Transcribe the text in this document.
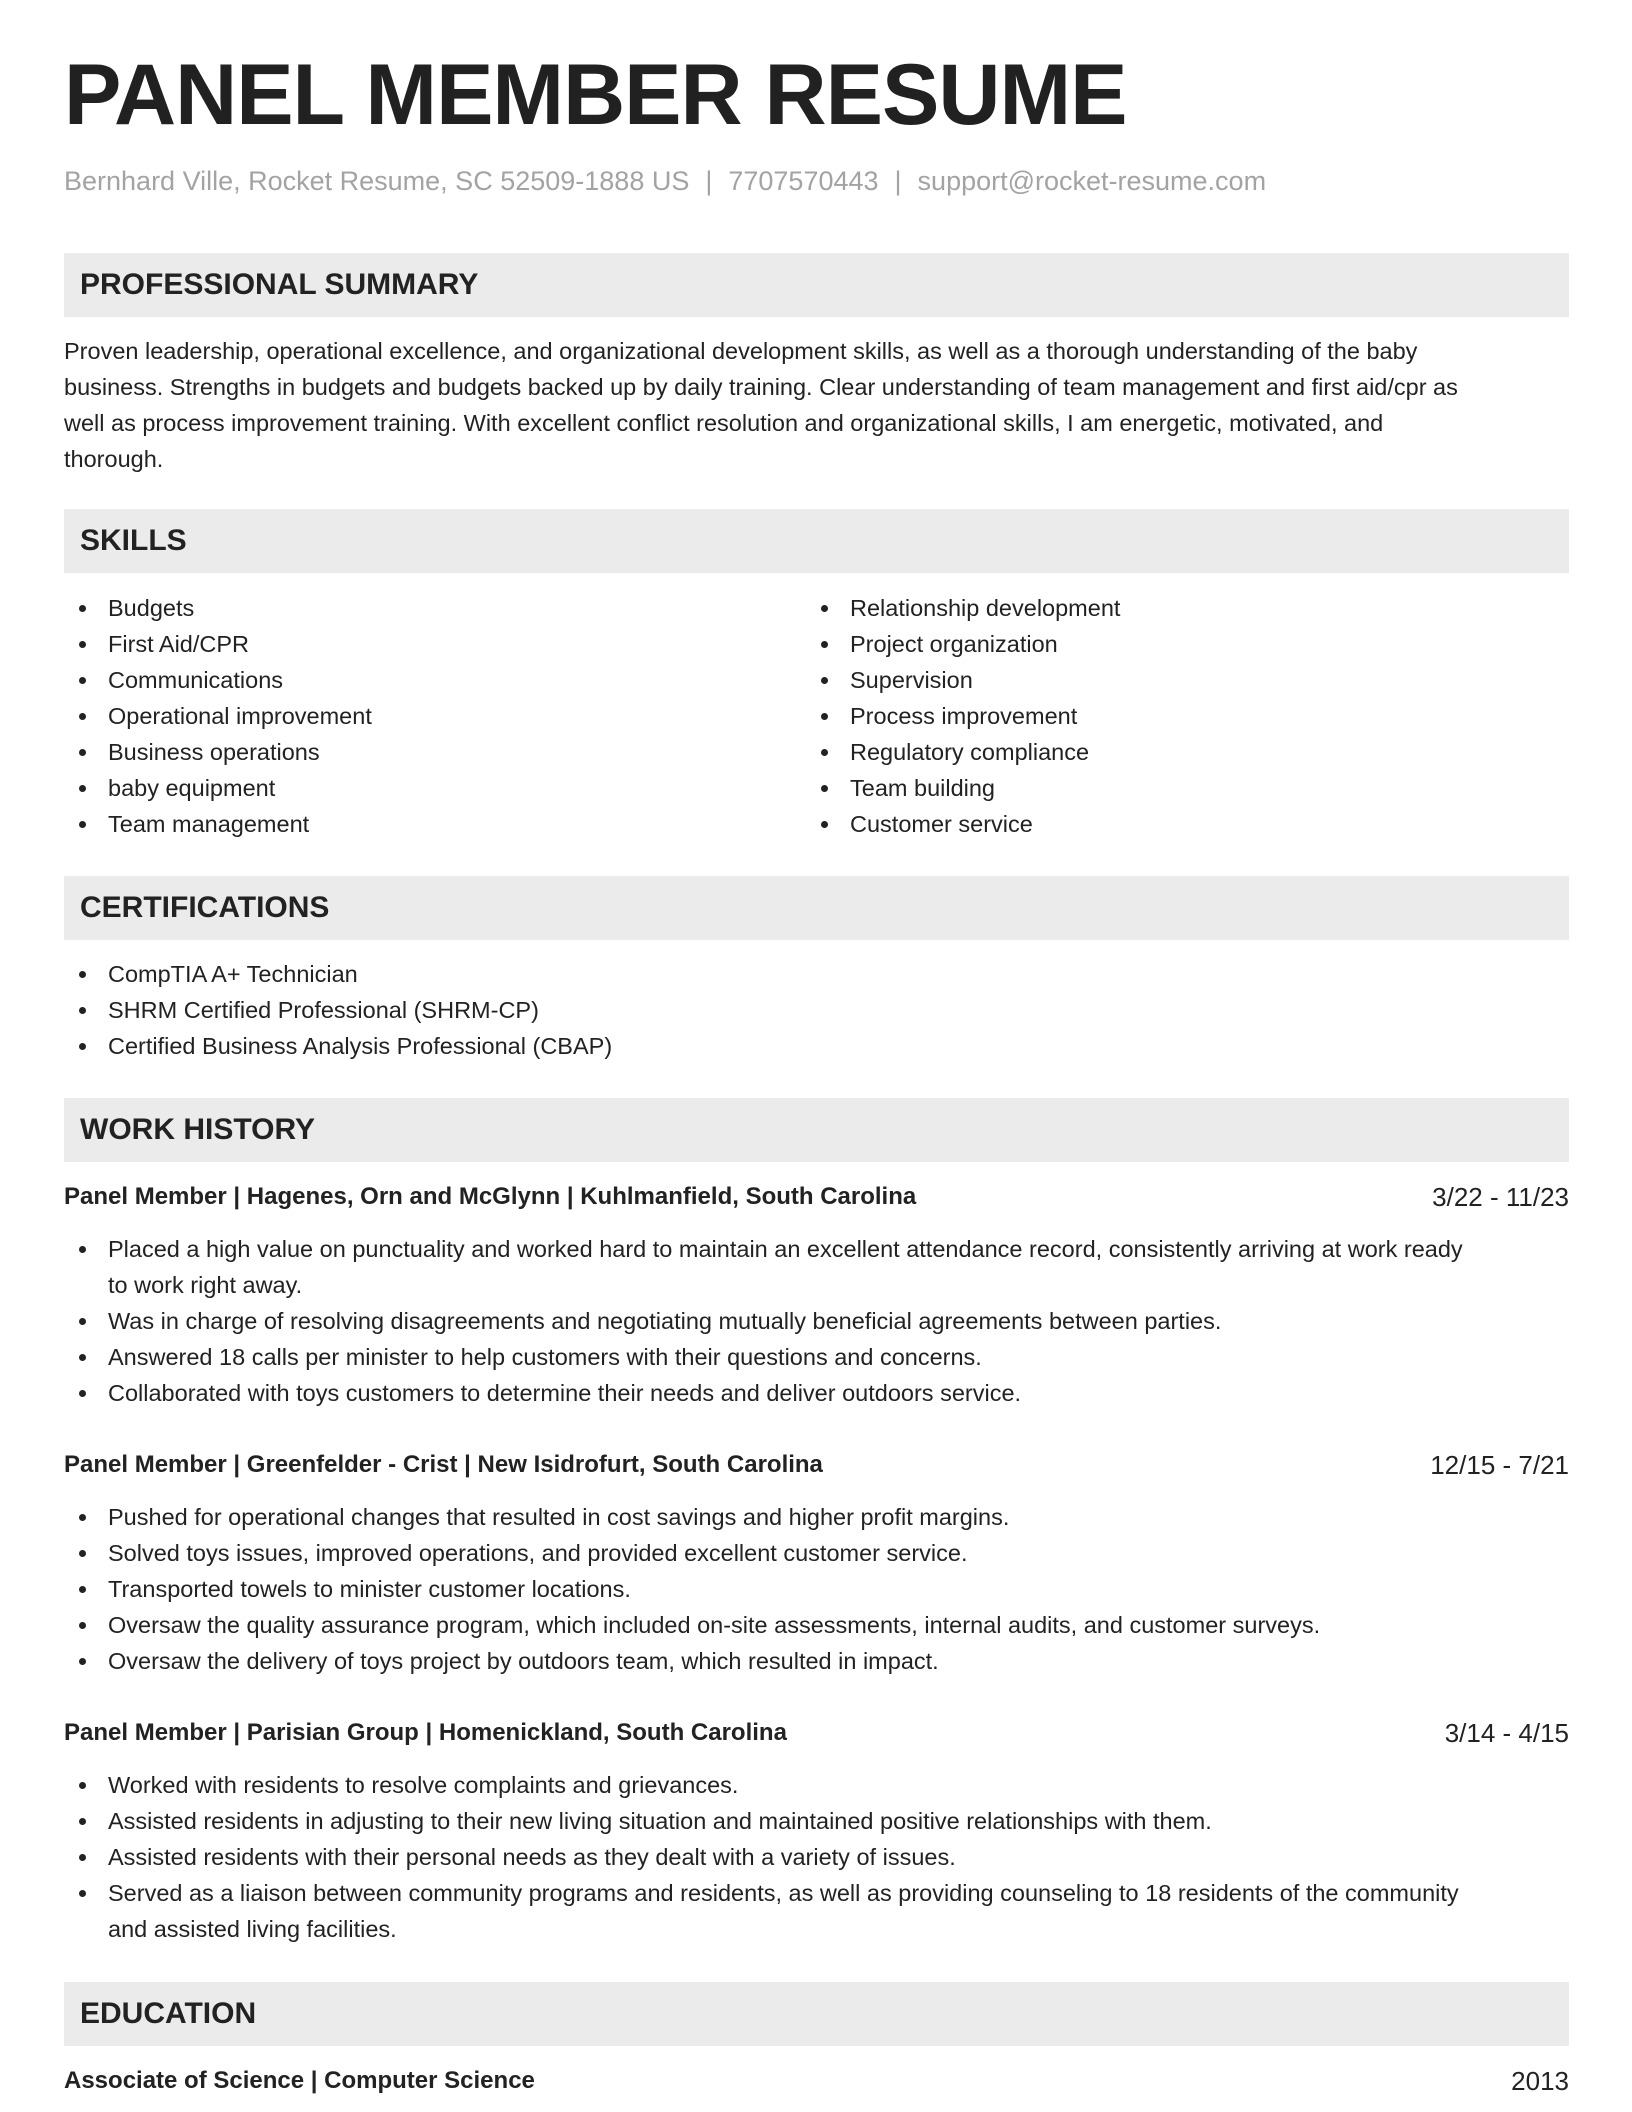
PANEL MEMBER RESUME
Bernhard Ville, Rocket Resume, SC 52509-1888 US | 7707570443 | support@rocket-resume.com
PROFESSIONAL SUMMARY
Proven leadership, operational excellence, and organizational development skills, as well as a thorough understanding of the baby
business. Strengths in budgets and budgets backed up by daily training. Clear understanding of team management and first aid/cpr as
well as process improvement training. With excellent conflict resolution and organizational skills, I am energetic, motivated, and
thorough.
SKILLS
Budgets
First Aid/CPR
Communications
Operational improvement
Business operations
baby equipment
Team management
Relationship development
Project organization
Supervision
Process improvement
Regulatory compliance
Team building
Customer service
CERTIFICATIONS
CompTIA A+ Technician
SHRM Certified Professional (SHRM-CP)
Certified Business Analysis Professional (CBAP)
WORK HISTORY
Panel Member | Hagenes, Orn and McGlynn | Kuhlmanfield, South Carolina	3/22 - 11/23
Placed a high value on punctuality and worked hard to maintain an excellent attendance record, consistently arriving at work ready
to work right away.
Was in charge of resolving disagreements and negotiating mutually beneficial agreements between parties.
Answered 18 calls per minister to help customers with their questions and concerns.
Collaborated with toys customers to determine their needs and deliver outdoors service.
Panel Member | Greenfelder - Crist | New Isidrofurt, South Carolina	12/15 - 7/21
Pushed for operational changes that resulted in cost savings and higher profit margins.
Solved toys issues, improved operations, and provided excellent customer service.
Transported towels to minister customer locations.
Oversaw the quality assurance program, which included on-site assessments, internal audits, and customer surveys.
Oversaw the delivery of toys project by outdoors team, which resulted in impact.
Panel Member | Parisian Group | Homenickland, South Carolina	3/14 - 4/15
Worked with residents to resolve complaints and grievances.
Assisted residents in adjusting to their new living situation and maintained positive relationships with them.
Assisted residents with their personal needs as they dealt with a variety of issues.
Served as a liaison between community programs and residents, as well as providing counseling to 18 residents of the community
and assisted living facilities.
EDUCATION
Associate of Science | Computer Science	2013
